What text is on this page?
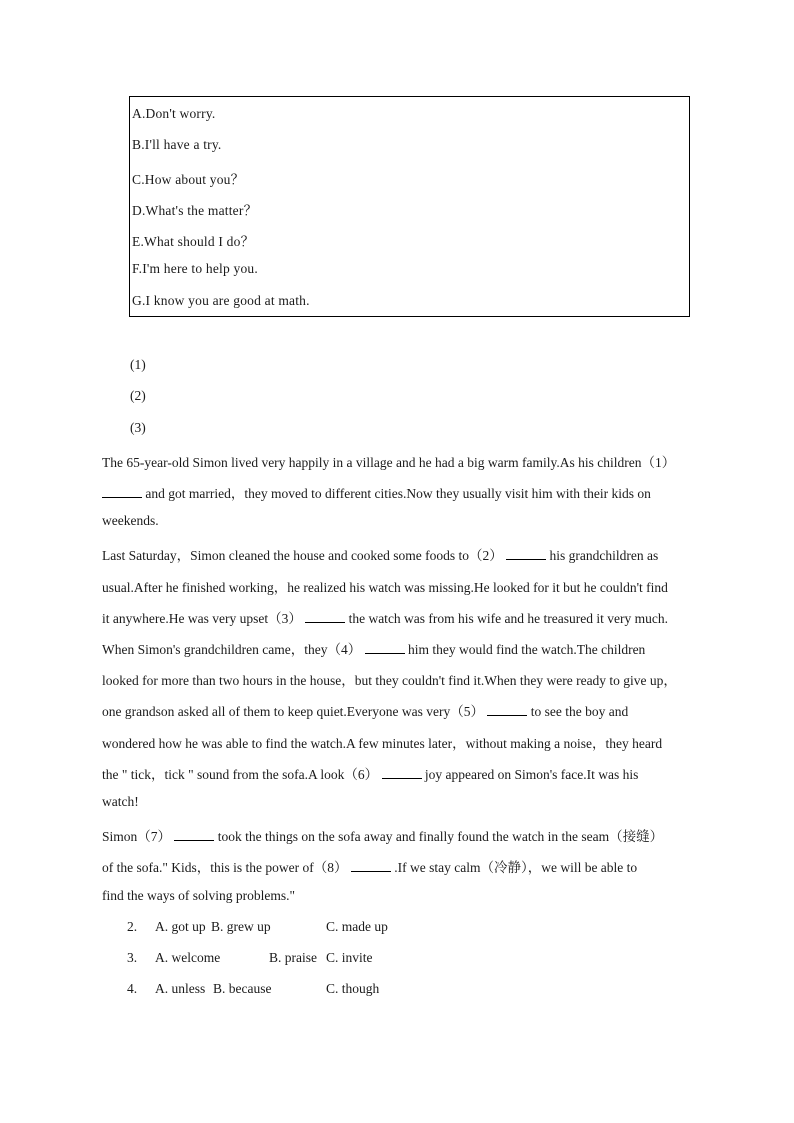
A.Don't worry.
B.I'll have a try.
C.How about you？
D.What's the matter？
E.What should I do？
F.I'm here to help you.
G.I know you are good at math.
(1)
(2)
(3)
The 65-year-old Simon lived very happily in a village and he had a big warm family.As his children（1）
and got married，they moved to different cities.Now they usually visit him with their kids on
weekends.
Last Saturday，Simon cleaned the house and cooked some foods to（2）	his grandchildren as
usual.After he finished working，he realized his watch was missing.He looked for it but he couldn't find
it anywhere.He was very upset（3）	the watch was from his wife and he treasured it very much.
When Simon's grandchildren came，they（4）	him they would find the watch.The children
looked for more than two hours in the house，but they couldn't find it.When they were ready to give up，
one grandson asked all of them to keep quiet.Everyone was very（5）	to see the boy and
wondered how he was able to find the watch.A few minutes later，without making a noise，they heard
the " tick，tick " sound from the sofa.A look（6）	joy appeared on Simon's face.It was his
watch!
Simon（7）	took the things on the sofa away and finally found the watch in the seam（接缝）
of the sofa." Kids，this is the power of（8）	.If we stay calm（冷静），we will be able to
find the ways of solving problems."
2. A. got up B. grew up	C. made up
3. A. welcome	B. praise C. invite
4. A. unless B. because	C. though
